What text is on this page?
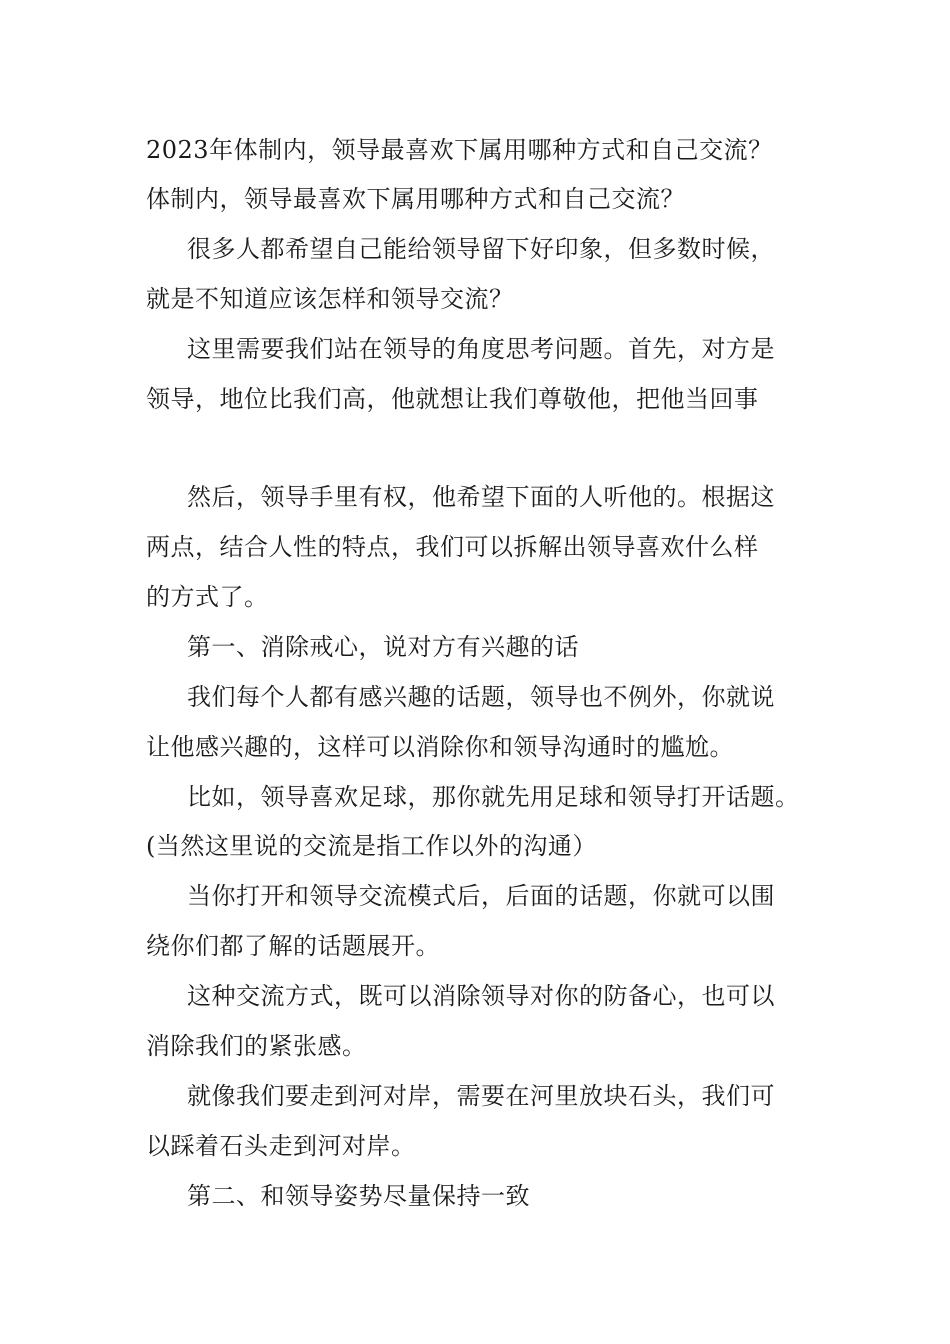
2023年体制内，领导最喜欢下属用哪种方式和自己交流？
体制内，领导最喜欢下属用哪种方式和自己交流？
很多人都希望自己能给领导留下好印象，但多数时候，
就是不知道应该怎样和领导交流？
这里需要我们站在领导的角度思考问题。首先，对方是
领导，地位比我们高，他就想让我们尊敬他，把他当回事
然后，领导手里有权，他希望下面的人听他的。根据这
两点，结合人性的特点，我们可以拆解出领导喜欢什么样
的方式了。
第一、消除戒心，说对方有兴趣的话
我们每个人都有感兴趣的话题，领导也不例外，你就说
让他感兴趣的，这样可以消除你和领导沟通时的尴尬。
比如，领导喜欢足球，那你就先用足球和领导打开话题。
(当然这里说的交流是指工作以外的沟通）
当你打开和领导交流模式后，后面的话题，你就可以围
绕你们都了解的话题展开。
这种交流方式，既可以消除领导对你的防备心，也可以
消除我们的紧张感。
就像我们要走到河对岸，需要在河里放块石头，我们可
以踩着石头走到河对岸。
第二、和领导姿势尽量保持一致
